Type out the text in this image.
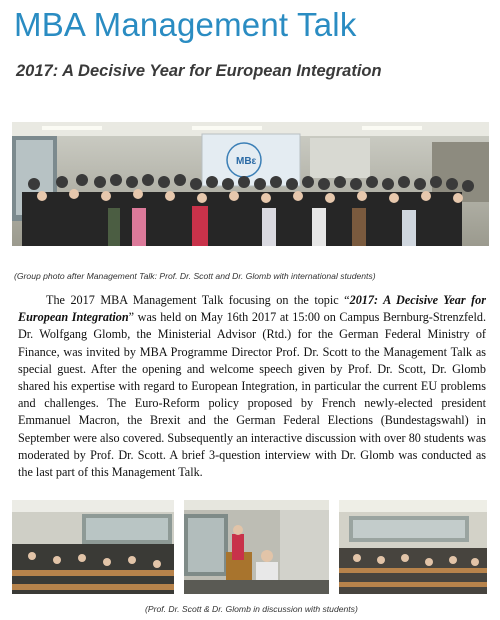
MBA Management Talk
2017: A Decisive Year for European Integration
MBε
(Group photo after Management Talk: Prof. Dr. Scott and Dr. Glomb with international students)

The 2017 MBA Management Talk focusing on the topic “2017: A Decisive Year for European Integration” was held on May 16th 2017 at 15:00 on Campus Bernburg-Strenzfeld. Dr. Wolfgang Glomb, the Ministerial Advisor (Rtd.) for the German Federal Ministry of Finance, was invited by MBA Programme Director Prof. Dr. Scott to the Management Talk as special guest. After the opening and welcome speech given by Prof. Dr. Scott, Dr. Glomb shared his expertise with regard to European Integration, in particular the current EU problems and challenges. The Euro-Reform policy proposed by French newly-elected president Emmanuel Macron, the Brexit and the German Federal Elections (Bundestagswahl) in September were also covered. Subsequently an interactive discussion with over 80 students was moderated by Prof. Dr. Scott. A brief 3-question interview with Dr. Glomb was conducted as the last part of this Management Talk.

(Prof. Dr. Scott & Dr. Glomb in discussion with students)
